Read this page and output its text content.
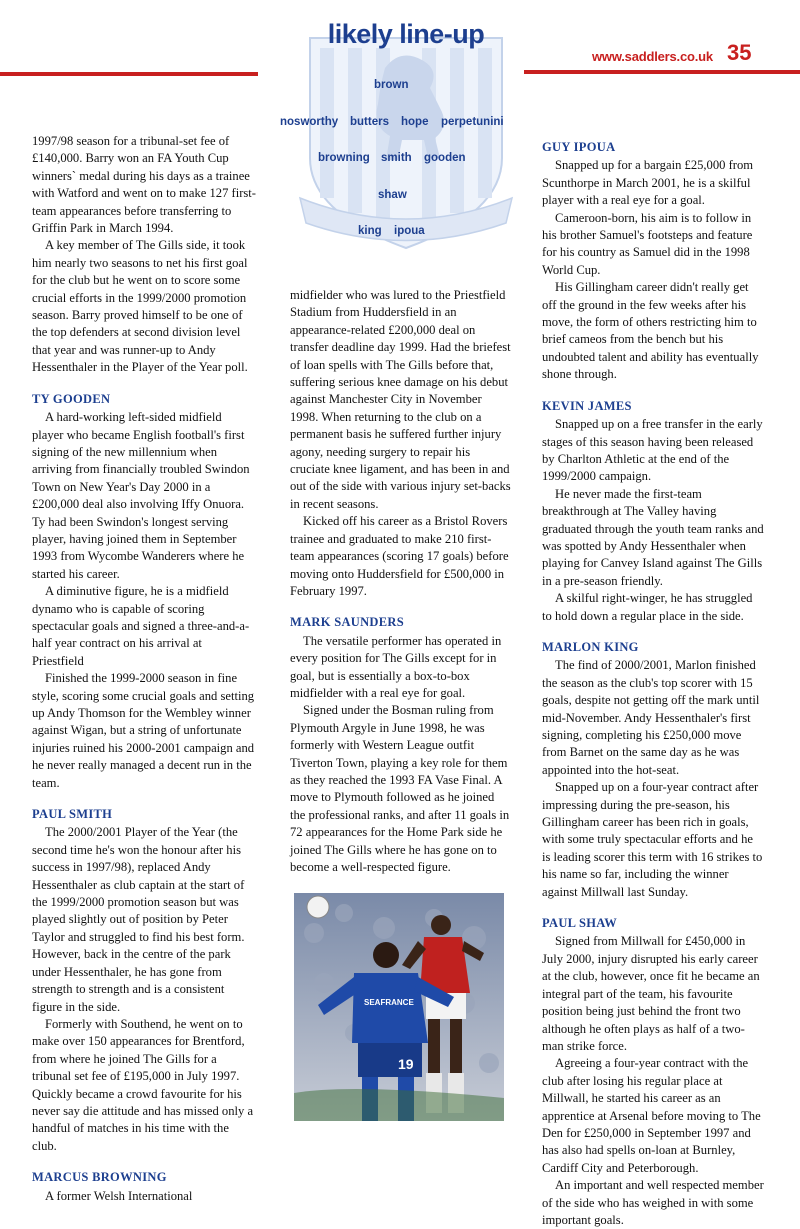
www.saddlers.co.uk 35
likely line-up
brown
nosworthy butters hope perpetunini
browning smith gooden
shaw
king ipoua

1997/98 season for a tribunal-set fee of £140,000. Barry won an FA Youth Cup winners` medal during his days as a trainee with Watford and went on to make 127 first-team appearances before transferring to Griffin Park in March 1994.

A key member of The Gills side, it took him nearly two seasons to net his first goal for the club but he went on to score some crucial efforts in the 1999/2000 promotion season. Barry proved himself to be one of the top defenders at second division level that year and was runner-up to Andy Hessenthaler in the Player of the Year poll.

TY GOODEN

A hard-working left-sided midfield player who became English football's first signing of the new millennium when arriving from financially troubled Swindon Town on New Year's Day 2000 in a £200,000 deal also involving Iffy Onuora. Ty had been Swindon's longest serving player, having joined them in September 1993 from Wycombe Wanderers where he started his career.

A diminutive figure, he is a midfield dynamo who is capable of scoring spectacular goals and signed a three-and-a-half year contract on his arrival at Priestfield

Finished the 1999-2000 season in fine style, scoring some crucial goals and setting up Andy Thomson for the Wembley winner against Wigan, but a string of unfortunate injuries ruined his 2000-2001 campaign and he never really managed a decent run in the team.

PAUL SMITH

The 2000/2001 Player of the Year (the second time he's won the honour after his success in 1997/98), replaced Andy Hessenthaler as club captain at the start of the 1999/2000 promotion season but was played slightly out of position by Peter Taylor and struggled to find his best form. However, back in the centre of the park under Hessenthaler, he has gone from strength to strength and is a consistent figure in the side.

Formerly with Southend, he went on to make over 150 appearances for Brentford, from where he joined The Gills for a tribunal set fee of £195,000 in July 1997. Quickly became a crowd favourite for his never say die attitude and has missed only a handful of matches in his time with the club.

MARCUS BROWNING

A former Welsh International

midfielder who was lured to the Priestfield Stadium from Huddersfield in an appearance-related £200,000 deal on transfer deadline day 1999. Had the briefest of loan spells with The Gills before that, suffering serious knee damage on his debut against Manchester City in November 1998. When returning to the club on a permanent basis he suffered further injury agony, needing surgery to repair his cruciate knee ligament, and has been in and out of the side with various injury set-backs in recent seasons.

Kicked off his career as a Bristol Rovers trainee and graduated to make 210 first-team appearances (scoring 17 goals) before moving onto Huddersfield for £500,000 in February 1997.

MARK SAUNDERS

The versatile performer has operated in every position for The Gills except for in goal, but is essentially a box-to-box midfielder with a real eye for goal.

Signed under the Bosman ruling from Plymouth Argyle in June 1998, he was formerly with Western League outfit Tiverton Town, playing a key role for them as they reached the 1993 FA Vase Final. A move to Plymouth followed as he joined the professional ranks, and after 11 goals in 72 appearances for the Home Park side he joined The Gills where he has gone on to become a well-respected figure.

GUY IPOUA

Snapped up for a bargain £25,000 from Scunthorpe in March 2001, he is a skilful player with a real eye for a goal.

Cameroon-born, his aim is to follow in his brother Samuel's footsteps and feature for his country as Samuel did in the 1998 World Cup.

His Gillingham career didn't really get off the ground in the few weeks after his move, the form of others restricting him to brief cameos from the bench but his undoubted talent and ability has eventually shone through.

KEVIN JAMES

Snapped up on a free transfer in the early stages of this season having been released by Charlton Athletic at the end of the 1999/2000 campaign.

He never made the first-team breakthrough at The Valley having graduated through the youth team ranks and was spotted by Andy Hessenthaler when playing for Canvey Island against The Gills in a pre-season friendly.

A skilful right-winger, he has struggled to hold down a regular place in the side.

MARLON KING

The find of 2000/2001, Marlon finished the season as the club's top scorer with 15 goals, despite not getting off the mark until mid-November. Andy Hessenthaler's first signing, completing his £250,000 move from Barnet on the same day as he was appointed into the hot-seat.

Snapped up on a four-year contract after impressing during the pre-season, his Gillingham career has been rich in goals, with some truly spectacular efforts and he is leading scorer this term with 16 strikes to his name so far, including the winner against Millwall last Sunday.

PAUL SHAW

Signed from Millwall for £450,000 in July 2000, injury disrupted his early career at the club, however, once fit he became an integral part of the team, his favourite position being just behind the front two although he often plays as half of a two-man strike force.

Agreeing a four-year contract with the club after losing his regular place at Millwall, he started his career as an apprentice at Arsenal before moving to The Den for £250,000 in September 1997 and has also had spells on-loan at Burnley, Cardiff City and Peterborough.

An important and well respected member of the side who has weighed in with some important goals.

SEAFRANCE
19
